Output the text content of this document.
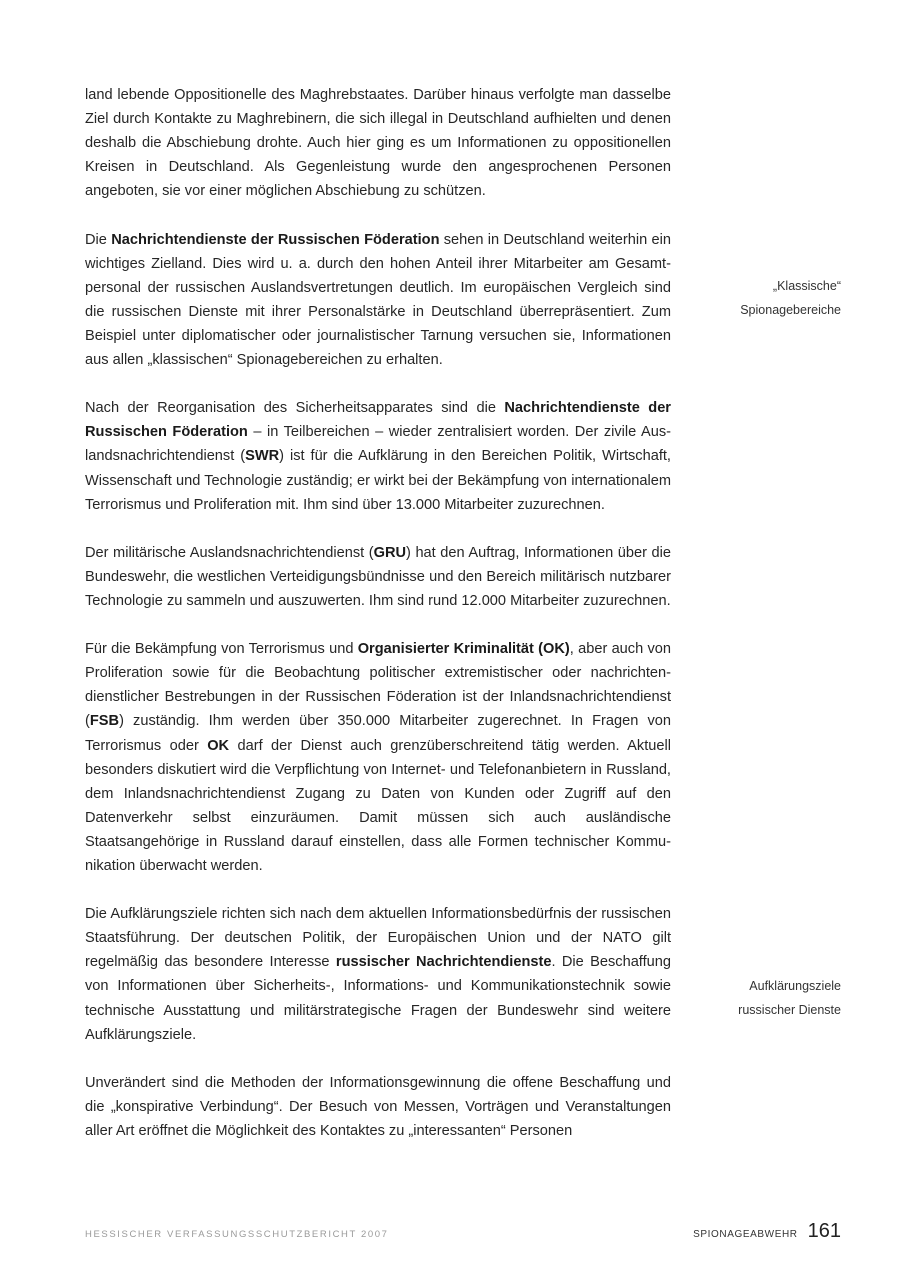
land lebende Oppositionelle des Maghrebstaates. Darüber hinaus verfolgte man dasselbe Ziel durch Kontakte zu Maghrebinern, die sich illegal in Deutschland aufhielten und denen deshalb die Abschiebung drohte. Auch hier ging es um Informationen zu oppositionellen Kreisen in Deutschland. Als Gegenleistung wurde den angesprochenen Personen angeboten, sie vor einer möglichen Abschiebung zu schützen.

Die Nachrichtendienste der Russischen Föderation sehen in Deutschland weiterhin ein wichtiges Zielland. Dies wird u. a. durch den hohen Anteil ihrer Mitarbeiter am Gesamtpersonal der russischen Auslandsvertretungen deutlich. Im europäischen Vergleich sind die russischen Dienste mit ihrer Personalstärke in Deutschland überrepräsentiert. Zum Beispiel unter diplomatischer oder journalistischer Tarnung versuchen sie, Informationen aus allen „klassischen“ Spionagebereichen zu erhalten.

Nach der Reorganisation des Sicherheitsapparates sind die Nachrichtendienste der Russischen Föderation – in Teilbereichen – wieder zentralisiert worden. Der zivile Auslandsnachrichtendienst (SWR) ist für die Aufklärung in den Bereichen Politik, Wirtschaft, Wissenschaft und Technologie zuständig; er wirkt bei der Bekämpfung von internationalem Terrorismus und Proliferation mit. Ihm sind über 13.000 Mitarbeiter zuzurechnen.

Der militärische Auslandsnachrichtendienst (GRU) hat den Auftrag, Informationen über die Bundeswehr, die westlichen Verteidigungsbündnisse und den Bereich militärisch nutzbarer Technologie zu sammeln und auszuwerten. Ihm sind rund 12.000 Mitarbeiter zuzurechnen.

Für die Bekämpfung von Terrorismus und Organisierter Kriminalität (OK), aber auch von Proliferation sowie für die Beobachtung politischer extremistischer oder nachrichtendienstlicher Bestrebungen in der Russischen Föderation ist der Inlandsnachrichtendienst (FSB) zuständig. Ihm werden über 350.000 Mitarbeiter zugerechnet. In Fragen von Terrorismus oder OK darf der Dienst auch grenzüberschreitend tätig werden. Aktuell besonders diskutiert wird die Verpflichtung von Internet- und Telefonanbietern in Russland, dem Inlandsnachrichtendienst Zugang zu Daten von Kunden oder Zugriff auf den Datenverkehr selbst einzuräumen. Damit müssen sich auch ausländische Staatsangehörige in Russland darauf einstellen, dass alle Formen technischer Kommunikation überwacht werden.

Die Aufklärungsziele richten sich nach dem aktuellen Informationsbedürfnis der russischen Staatsführung. Der deutschen Politik, der Europäischen Union und der NATO gilt regelmäßig das besondere Interesse russischer Nachrichtendienste. Die Beschaffung von Informationen über Sicherheits-, Informations- und Kommunikationstechnik sowie technische Ausstattung und militärstrategische Fragen der Bundeswehr sind weitere Aufklärungsziele.

Unverändert sind die Methoden der Informationsgewinnung die offene Beschaffung und die „konspirative Verbindung“. Der Besuch von Messen, Vorträgen und Veranstaltungen aller Art eröffnet die Möglichkeit des Kontaktes zu „interessanten“ Personen

„Klassische“
Spionagebereiche
Aufklärungsziele
russischer Dienste
HESSISCHER VERFASSUNGSSCHUTZBERICHT 2007	SPIONAGEABWEHR 161
